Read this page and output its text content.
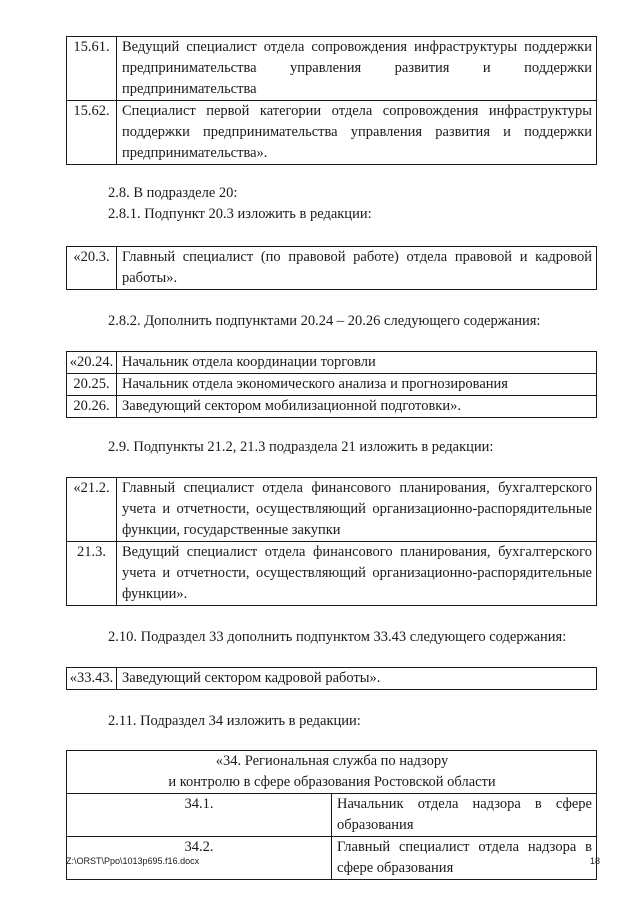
15.61.	Ведущий специалист отдела сопровождения инфраструктуры поддержки предпринимательства управления развития и поддержки предпринимательства
15.62.	Специалист первой категории отдела сопровождения инфраструктуры поддержки предпринимательства управления развития и поддержки предпринимательства».
2.8. В подразделе 20:
2.8.1. Подпункт 20.3 изложить в редакции:
«20.3.	Главный специалист (по правовой работе) отдела правовой и кадровой работы».
2.8.2. Дополнить подпунктами 20.24 – 20.26 следующего содержания:
«20.24.	Начальник отдела координации торговли
20.25.	Начальник отдела экономического анализа и прогнозирования
20.26.	Заведующий сектором мобилизационной подготовки».
2.9. Подпункты 21.2, 21.3 подраздела 21 изложить в редакции:
«21.2.	Главный специалист отдела финансового планирования, бухгалтерского учета и отчетности, осуществляющий организационно-распорядительные функции, государственные закупки
21.3.	Ведущий специалист отдела финансового планирования, бухгалтерского учета и отчетности, осуществляющий организационно-распорядительные функции».
2.10. Подраздел 33 дополнить подпунктом 33.43 следующего содержания:
«33.43.	Заведующий сектором кадровой работы».
2.11. Подраздел 34 изложить в редакции:
«34. Региональная служба по надзору
и контролю в сфере образования Ростовской области	

34.1.	Начальник отдела надзора в сфере образования
34.2.	Главный специалист отдела надзора в сфере образования
Z:\ORST\Ppo\1013p695.f16.docx	18
